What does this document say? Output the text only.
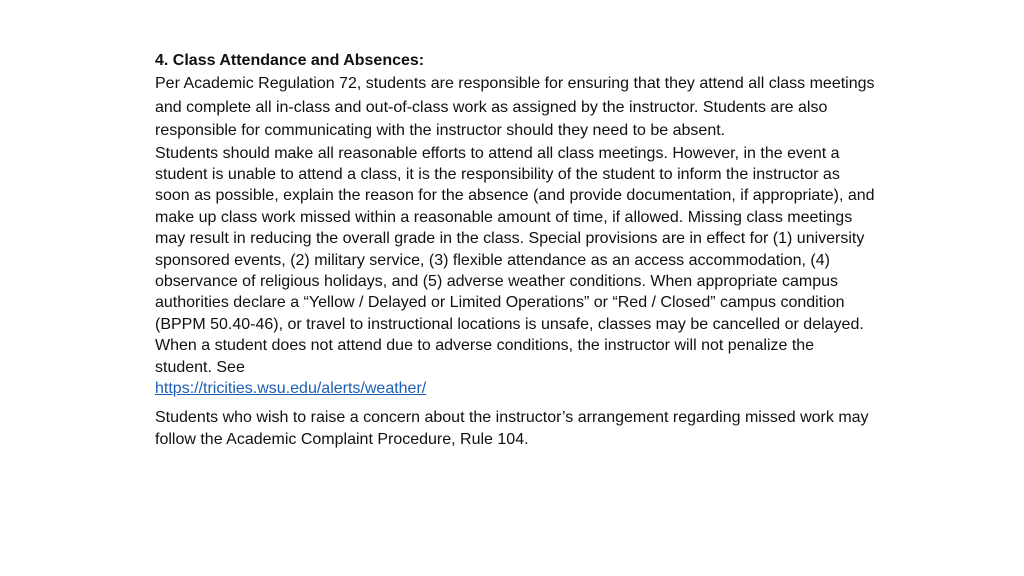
4. Class Attendance and Absences:

Per Academic Regulation 72, students are responsible for ensuring that they attend all class meetings and complete all in-class and out-of-class work as assigned by the instructor. Students are also responsible for communicating with the instructor should they need to be absent.

Students should make all reasonable efforts to attend all class meetings. However, in the event a student is unable to attend a class, it is the responsibility of the student to inform the instructor as soon as possible, explain the reason for the absence (and provide documentation, if appropriate), and make up class work missed within a reasonable amount of time, if allowed. Missing class meetings may result in reducing the overall grade in the class. Special provisions are in effect for (1) university sponsored events, (2) military service, (3) flexible attendance as an access accommodation, (4) observance of religious holidays, and (5) adverse weather conditions. When appropriate campus authorities declare a “Yellow / Delayed or Limited Operations” or “Red / Closed” campus condition (BPPM 50.40-46), or travel to instructional locations is unsafe, classes may be cancelled or delayed. When a student does not attend due to adverse conditions, the instructor will not penalize the student. See
https://tricities.wsu.edu/alerts/weather/

Students who wish to raise a concern about the instructor’s arrangement regarding missed work may follow the Academic Complaint Procedure, Rule 104.
